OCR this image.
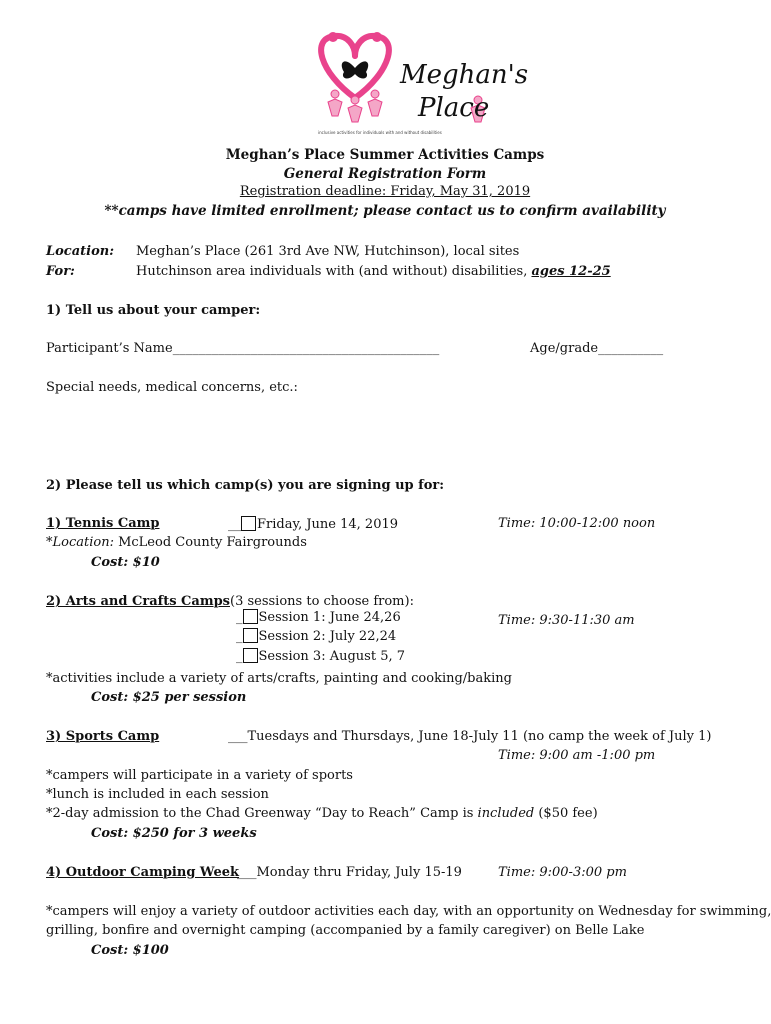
Meghan's
Place
inclusive activities for individuals with and without disabilities
Meghan’s Place Summer Activities Camps
General Registration Form
Registration deadline: Friday, May 31, 2019
**camps have limited enrollment; please contact us to confirm availability
Location: Meghan’s Place (261 3rd Ave NW, Hutchinson), local sites
For:	Hutchinson area individuals with (and without) disabilities, ages 12-25
1) Tell us about your camper:
Participant’s Name_________________________________________	Age/grade__________
Special needs, medical concerns, etc.:
2) Please tell us which camp(s) you are signing up for:
1) Tennis Camp	__ Friday, June 14, 2019	Time: 10:00-12:00 noon
*Location: McLeod County Fairgrounds
Cost: $10
2) Arts and Crafts Camps (3 sessions to choose from):
_ Session 1: June 24,26	Time: 9:30-11:30 am
_ Session 2: July 22,24
_ Session 3: August 5, 7
*activities include a variety of arts/crafts, painting and cooking/baking
Cost: $25 per session
3) Sports Camp	___Tuesdays and Thursdays, June 18-July 11 (no camp the week of July 1)
Time: 9:00 am -1:00 pm
*campers will participate in a variety of sports
*lunch is included in each session
*2-day admission to the Chad Greenway “Day to Reach” Camp is included ($50 fee)
Cost: $250 for 3 weeks
4) Outdoor Camping Week
___Monday thru Friday, July 15-19	Time: 9:00-3:00 pm
*campers will enjoy a variety of outdoor activities each day, with an opportunity on Wednesday for swimming,
grilling, bonfire and overnight camping (accompanied by a family caregiver) on Belle Lake
Cost: $100
